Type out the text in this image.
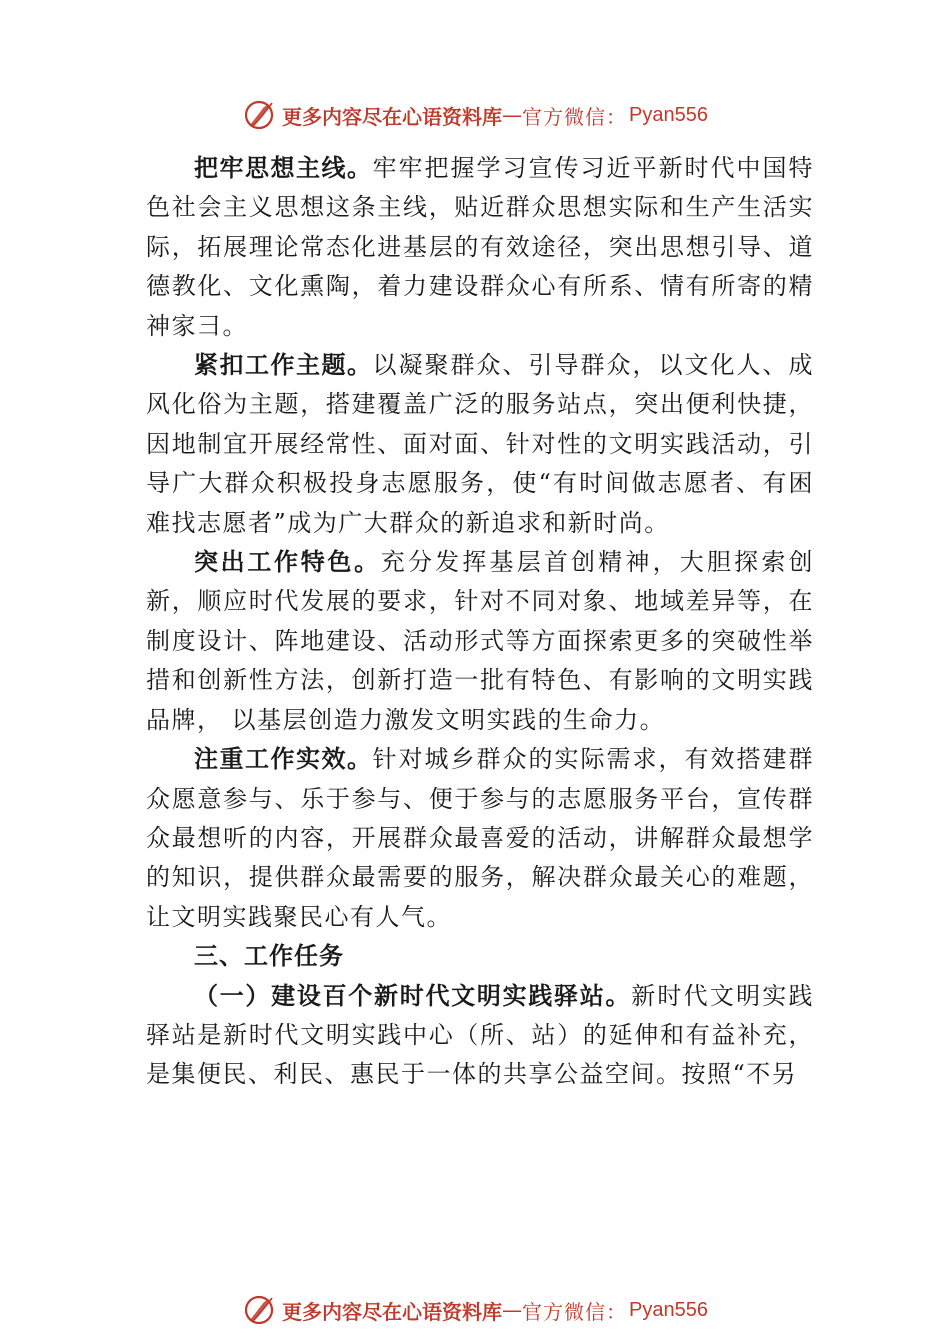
更多内容尽在心语资料库 — 官方微信： Pyan556

把牢思想主线。牢牢把握学习宣传习近平新时代中国特色社会主义思想这条主线，贴近群众思想实际和生产生活实际，拓展理论常态化进基层的有效途径，突出思想引导、道德教化、文化熏陶，着力建设群众心有所系、情有所寄的精神家彐。

紧扣工作主题。以凝聚群众、引导群众，以文化人、成风化俗为主题，搭建覆盖广泛的服务站点，突出便利快捷，因地制宜开展经常性、面对面、针对性的文明实践活动，引导广大群众积极投身志愿服务，使“有时间做志愿者、有困难找志愿者”成为广大群众的新追求和新时尚。

突出工作特色。充分发挥基层首创精神，大胆探索创新，顺应时代发展的要求，针对不同对象、地域差异等，在制度设计、阵地建设、活动形式等方面探索更多的突破性举措和创新性方法，创新打造一批有特色、有影响的文明实践品牌， 以基层创造力激发文明实践的生命力。

注重工作实效。针对城乡群众的实际需求，有效搭建群众愿意参与、乐于参与、便于参与的志愿服务平台，宣传群众最想听的内容，开展群众最喜爱的活动，讲解群众最想学的知识，提供群众最需要的服务，解决群众最关心的难题，让文明实践聚民心有人气。

三、工作任务

（一）建设百个新时代文明实践驿站。新时代文明实践驿站是新时代文明实践中心（所、站）的延伸和有益补充，是集便民、利民、惠民于一体的共享公益空间。按照“不另

更多内容尽在心语资料库 — 官方微信： Pyan556
